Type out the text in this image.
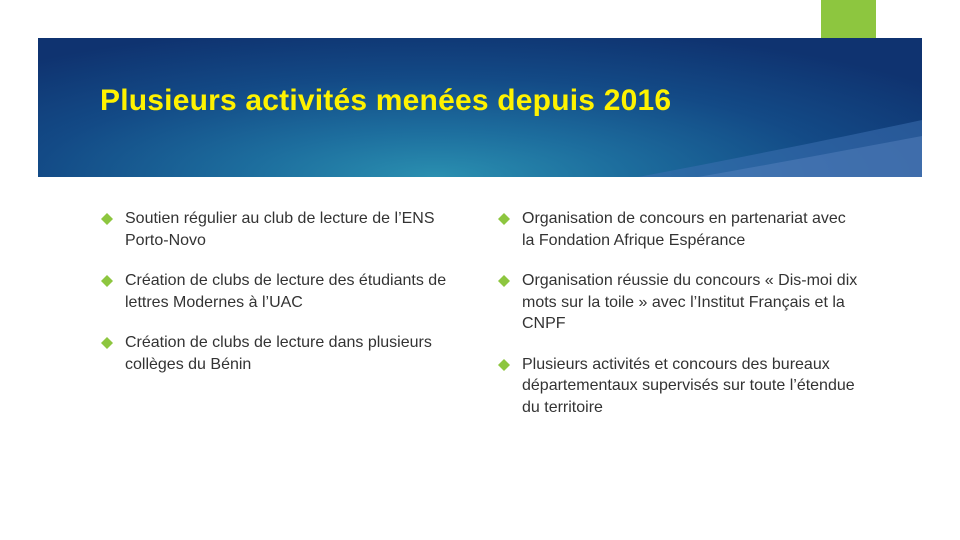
Plusieurs activités menées depuis 2016
Soutien régulier au club de lecture de l’ENS Porto-Novo
Création de clubs de lecture des étudiants de lettres Modernes à l’UAC
Création de clubs de lecture dans plusieurs collèges du Bénin
Organisation de concours en partenariat avec la Fondation Afrique Espérance
Organisation réussie du concours « Dis-moi dix mots sur la toile » avec l’Institut Français et la CNPF
Plusieurs activités et concours des bureaux départementaux supervisés sur toute l’étendue du territoire
